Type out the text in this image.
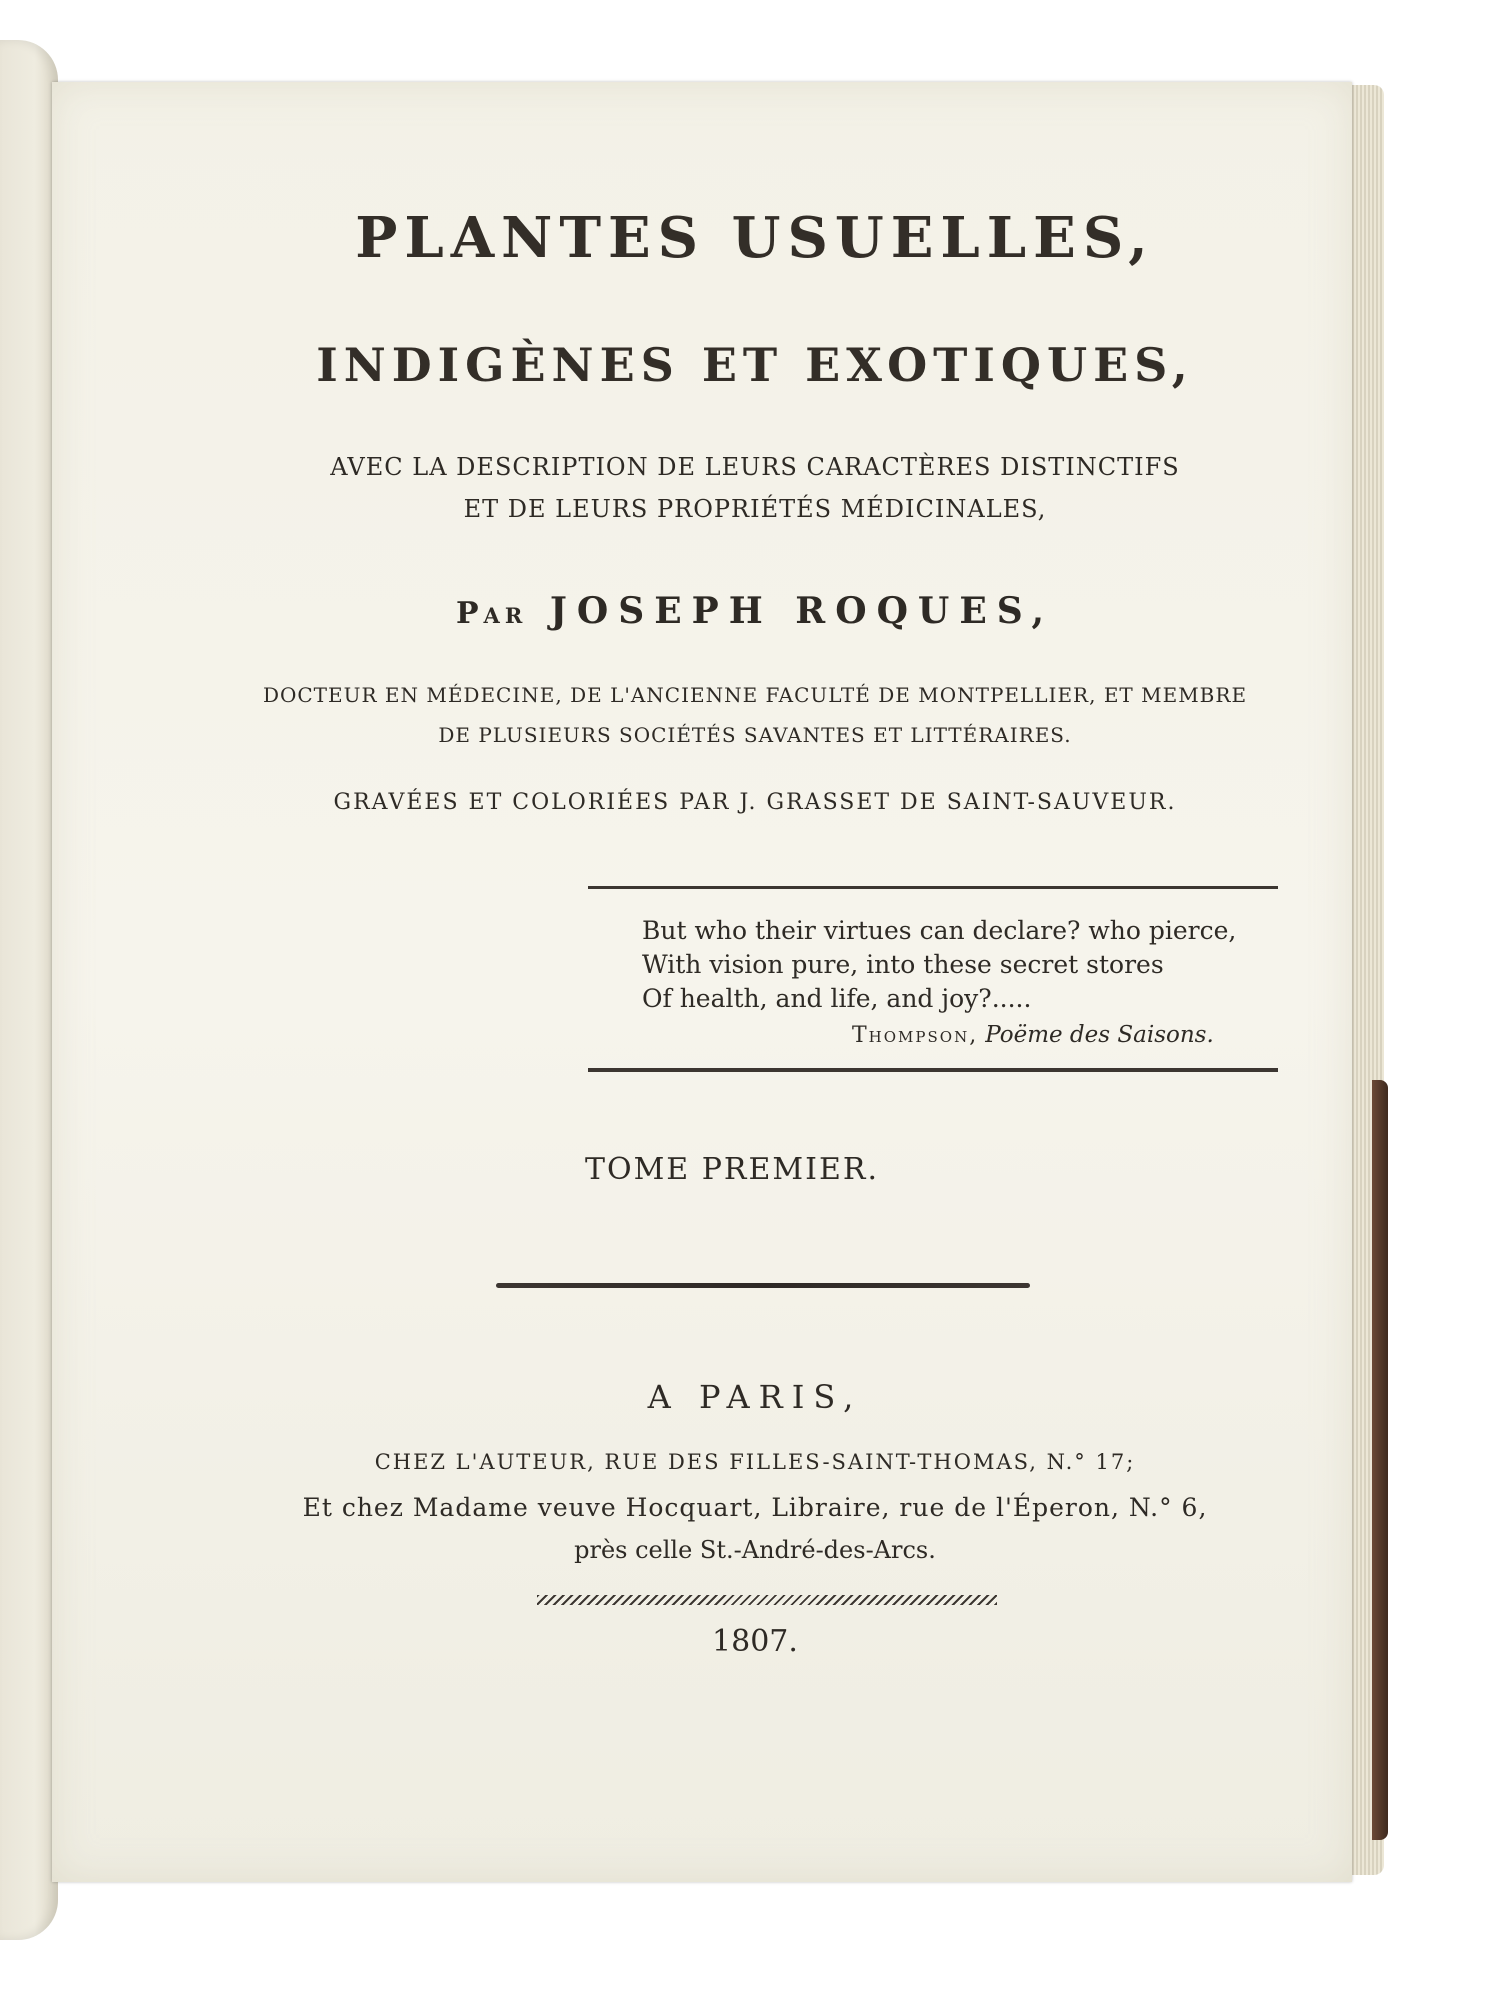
PLANTES USUELLES,
INDIGÈNES ET EXOTIQUES,
AVEC LA DESCRIPTION DE LEURS CARACTÈRES DISTINCTIFS
ET DE LEURS PROPRIÉTÉS MÉDICINALES,
Par JOSEPH ROQUES,
DOCTEUR EN MÉDECINE, DE L'ANCIENNE FACULTÉ DE MONTPELLIER, ET MEMBRE
DE PLUSIEURS SOCIÉTÉS SAVANTES ET LITTÉRAIRES.
GRAVÉES ET COLORIÉES PAR J. GRASSET DE SAINT-SAUVEUR.
But who their virtues can declare? who pierce,
With vision pure, into these secret stores
Of health, and life, and joy?.....
Thompson, Poëme des Saisons.
TOME PREMIER.
A PARIS,
CHEZ L'AUTEUR, RUE DES FILLES-SAINT-THOMAS, N.° 17;
Et chez Madame veuve Hocquart, Libraire, rue de l'Éperon, N.° 6,
près celle St.-André-des-Arcs.
1807.
